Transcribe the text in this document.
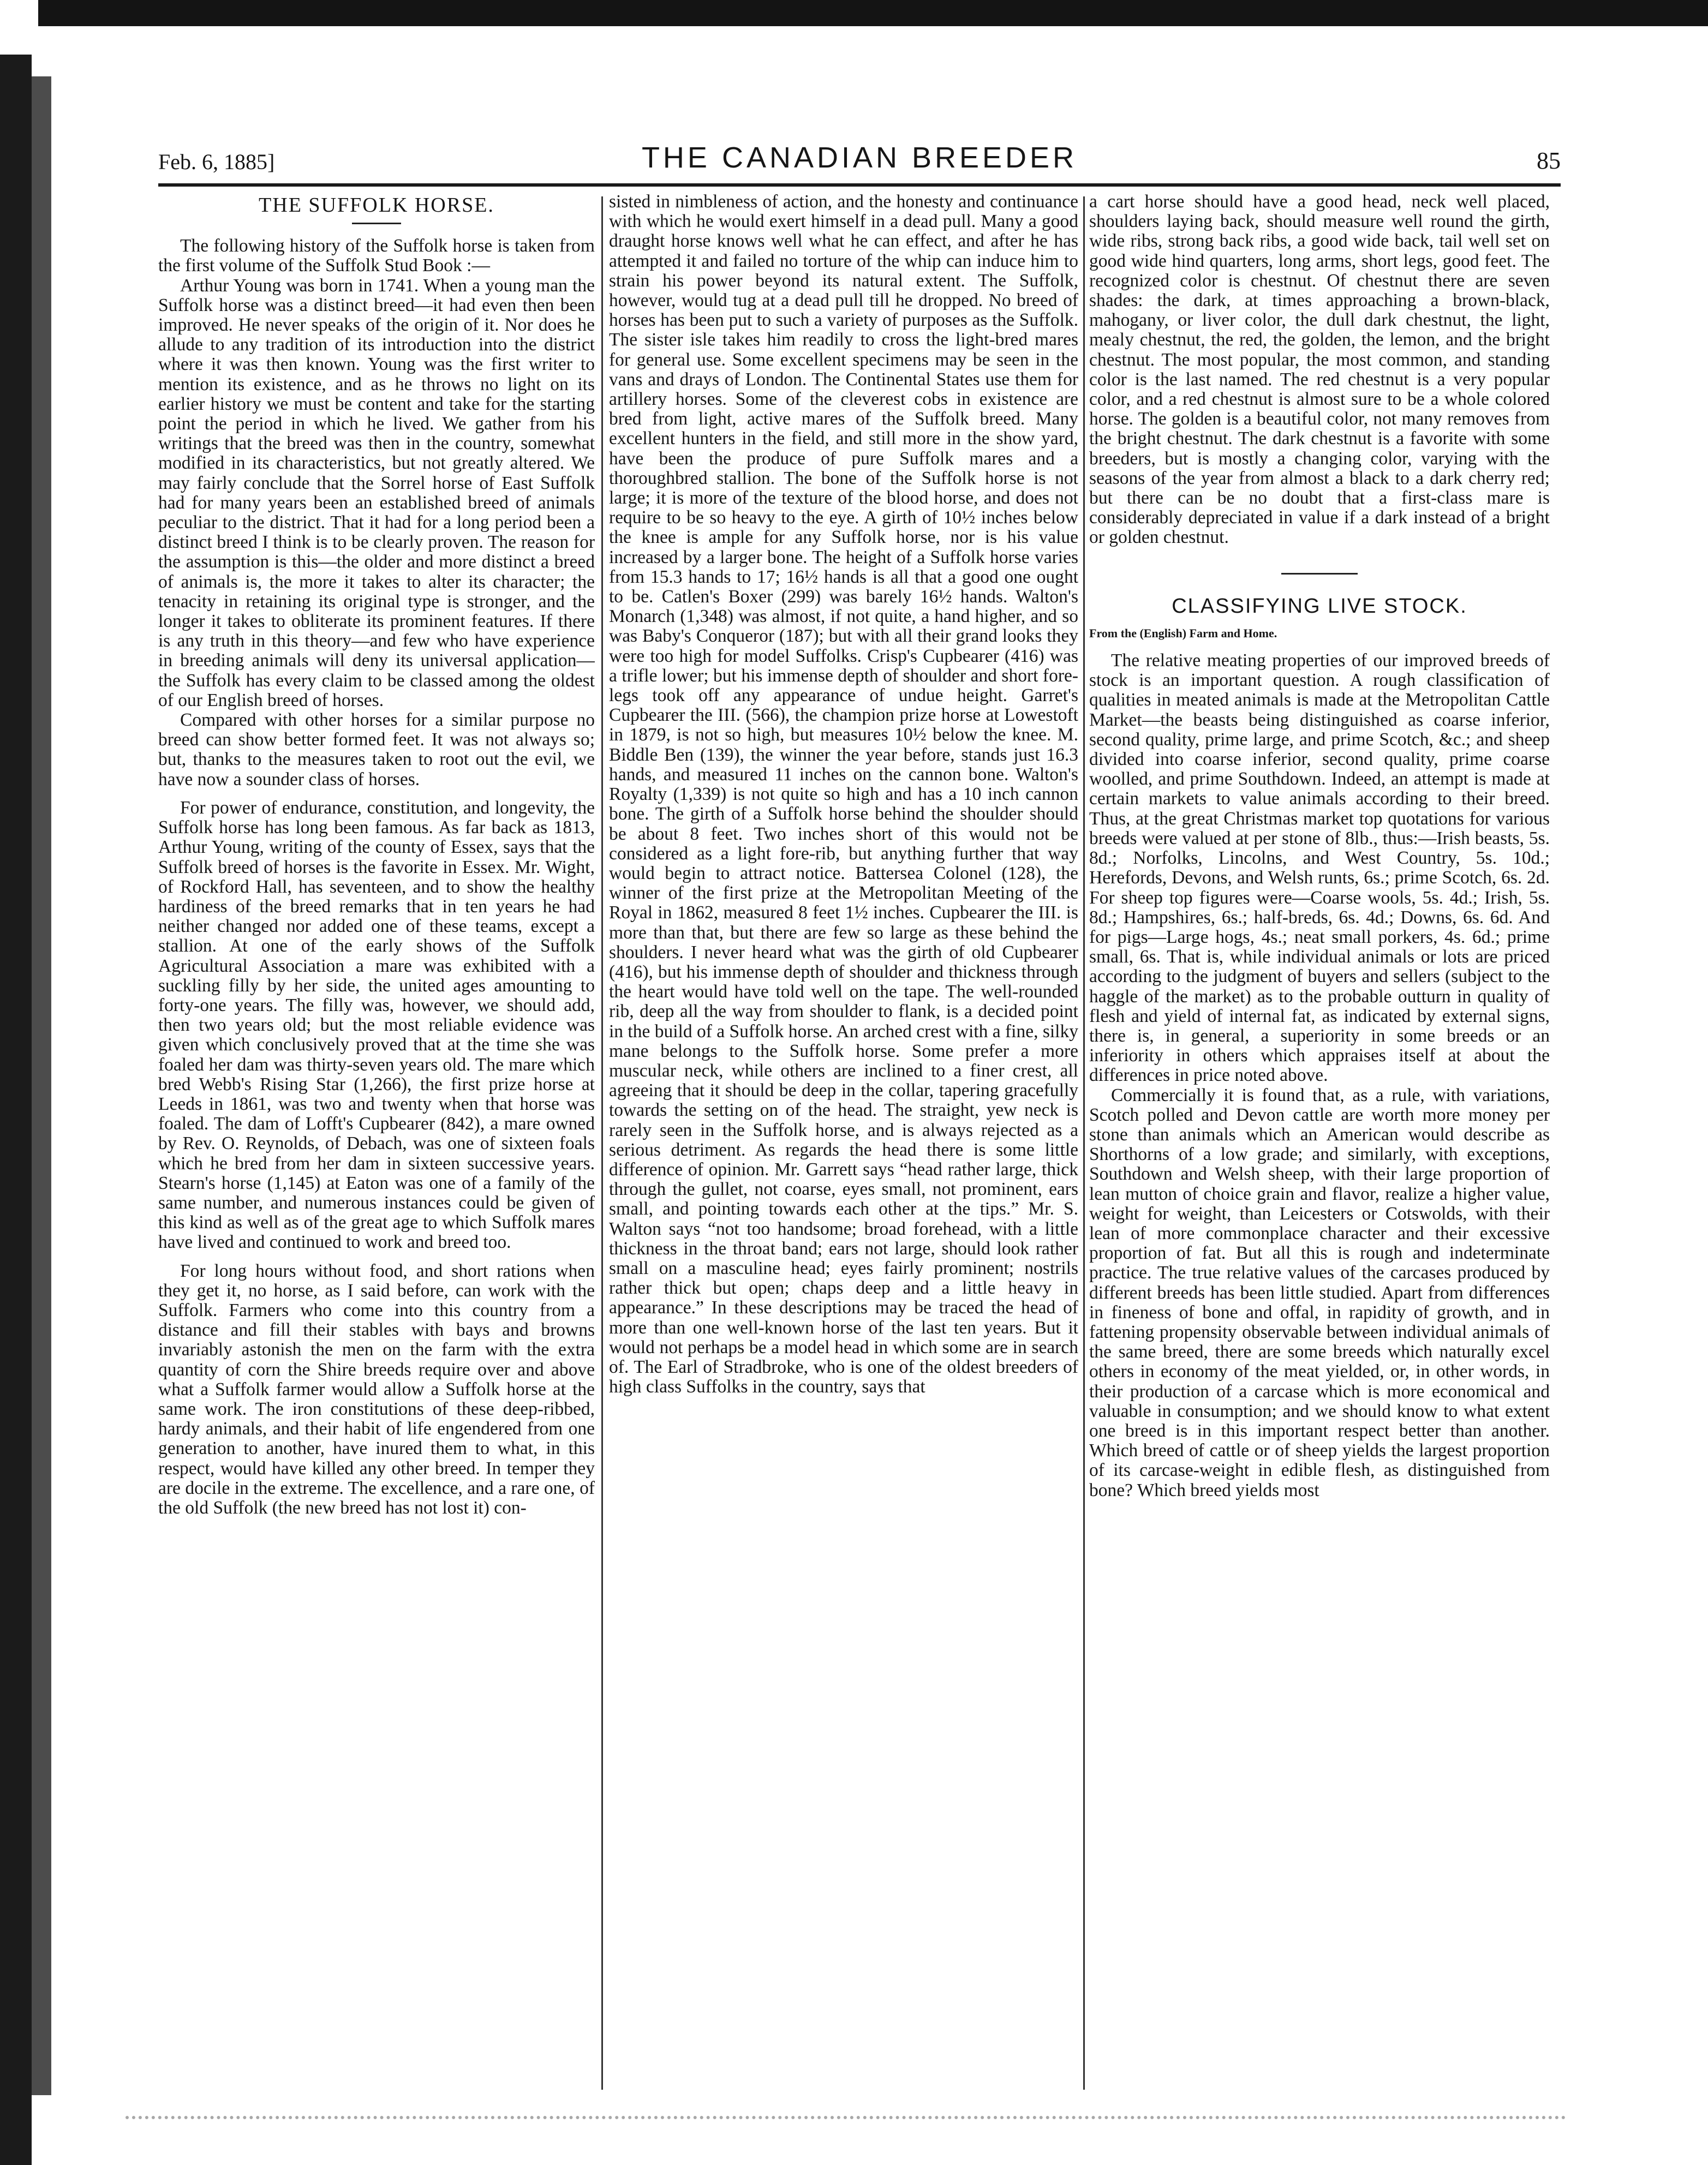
Feb. 6, 1885]	THE CANADIAN BREEDER	85

THE SUFFOLK HORSE.

The following history of the Suffolk horse is taken from the first volume of the Suffolk Stud Book :—

Arthur Young was born in 1741. When a young man the Suffolk horse was a distinct breed—it had even then been improved. He never speaks of the origin of it. Nor does he allude to any tradition of its introduction into the district where it was then known. Young was the first writer to mention its existence, and as he throws no light on its earlier history we must be content and take for the starting point the period in which he lived. We gather from his writings that the breed was then in the country, somewhat modified in its characteristics, but not greatly altered. We may fairly conclude that the Sorrel horse of East Suffolk had for many years been an established breed of animals peculiar to the district. That it had for a long period been a distinct breed I think is to be clearly proven. The reason for the assumption is this—the older and more distinct a breed of animals is, the more it takes to alter its character; the tenacity in retaining its original type is stronger, and the longer it takes to obliterate its prominent features. If there is any truth in this theory—and few who have experience in breeding animals will deny its universal application—the Suffolk has every claim to be classed among the oldest of our English breed of horses.

Compared with other horses for a similar purpose no breed can show better formed feet. It was not always so; but, thanks to the measures taken to root out the evil, we have now a sounder class of horses.

For power of endurance, constitution, and longevity, the Suffolk horse has long been famous. As far back as 1813, Arthur Young, writing of the county of Essex, says that the Suffolk breed of horses is the favorite in Essex. Mr. Wight, of Rockford Hall, has seventeen, and to show the healthy hardiness of the breed remarks that in ten years he had neither changed nor added one of these teams, except a stallion. At one of the early shows of the Suffolk Agricultural Association a mare was exhibited with a suckling filly by her side, the united ages amounting to forty-one years. The filly was, however, we should add, then two years old; but the most reliable evidence was given which conclusively proved that at the time she was foaled her dam was thirty-seven years old. The mare which bred Webb's Rising Star (1,266), the first prize horse at Leeds in 1861, was two and twenty when that horse was foaled. The dam of Lofft's Cupbearer (842), a mare owned by Rev. O. Reynolds, of Debach, was one of sixteen foals which he bred from her dam in sixteen successive years. Stearn's horse (1,145) at Eaton was one of a family of the same number, and numerous instances could be given of this kind as well as of the great age to which Suffolk mares have lived and continued to work and breed too.

For long hours without food, and short rations when they get it, no horse, as I said before, can work with the Suffolk. Farmers who come into this country from a distance and fill their stables with bays and browns invariably astonish the men on the farm with the extra quantity of corn the Shire breeds require over and above what a Suffolk farmer would allow a Suffolk horse at the same work. The iron constitutions of these deep-ribbed, hardy animals, and their habit of life engendered from one generation to another, have inured them to what, in this respect, would have killed any other breed. In temper they are docile in the extreme. The excellence, and a rare one, of the old Suffolk (the new breed has not lost it) con-

sisted in nimbleness of action, and the honesty and continuance with which he would exert himself in a dead pull. Many a good draught horse knows well what he can effect, and after he has attempted it and failed no torture of the whip can induce him to strain his power beyond its natural extent. The Suffolk, however, would tug at a dead pull till he dropped. No breed of horses has been put to such a variety of purposes as the Suffolk. The sister isle takes him readily to cross the light-bred mares for general use. Some excellent specimens may be seen in the vans and drays of London. The Continental States use them for artillery horses. Some of the cleverest cobs in existence are bred from light, active mares of the Suffolk breed. Many excellent hunters in the field, and still more in the show yard, have been the produce of pure Suffolk mares and a thoroughbred stallion. The bone of the Suffolk horse is not large; it is more of the texture of the blood horse, and does not require to be so heavy to the eye. A girth of 10½ inches below the knee is ample for any Suffolk horse, nor is his value increased by a larger bone. The height of a Suffolk horse varies from 15.3 hands to 17; 16½ hands is all that a good one ought to be. Catlen's Boxer (299) was barely 16½ hands. Walton's Monarch (1,348) was almost, if not quite, a hand higher, and so was Baby's Conqueror (187); but with all their grand looks they were too high for model Suffolks. Crisp's Cupbearer (416) was a trifle lower; but his immense depth of shoulder and short fore-legs took off any appearance of undue height. Garret's Cupbearer the III. (566), the champion prize horse at Lowestoft in 1879, is not so high, but measures 10½ below the knee. M. Biddle Ben (139), the winner the year before, stands just 16.3 hands, and measured 11 inches on the cannon bone. Walton's Royalty (1,339) is not quite so high and has a 10 inch cannon bone. The girth of a Suffolk horse behind the shoulder should be about 8 feet. Two inches short of this would not be considered as a light fore-rib, but anything further that way would begin to attract notice. Battersea Colonel (128), the winner of the first prize at the Metropolitan Meeting of the Royal in 1862, measured 8 feet 1½ inches. Cupbearer the III. is more than that, but there are few so large as these behind the shoulders. I never heard what was the girth of old Cupbearer (416), but his immense depth of shoulder and thickness through the heart would have told well on the tape. The well-rounded rib, deep all the way from shoulder to flank, is a decided point in the build of a Suffolk horse. An arched crest with a fine, silky mane belongs to the Suffolk horse. Some prefer a more muscular neck, while others are inclined to a finer crest, all agreeing that it should be deep in the collar, tapering gracefully towards the setting on of the head. The straight, yew neck is rarely seen in the Suffolk horse, and is always rejected as a serious detriment. As regards the head there is some little difference of opinion. Mr. Garrett says “head rather large, thick through the gullet, not coarse, eyes small, not prominent, ears small, and pointing towards each other at the tips.” Mr. S. Walton says “not too handsome; broad forehead, with a little thickness in the throat band; ears not large, should look rather small on a masculine head; eyes fairly prominent; nostrils rather thick but open; chaps deep and a little heavy in appearance.” In these descriptions may be traced the head of more than one well-known horse of the last ten years. But it would not perhaps be a model head in which some are in search of. The Earl of Stradbroke, who is one of the oldest breeders of high class Suffolks in the country, says that

a cart horse should have a good head, neck well placed, shoulders laying back, should measure well round the girth, wide ribs, strong back ribs, a good wide back, tail well set on good wide hind quarters, long arms, short legs, good feet. The recognized color is chestnut. Of chestnut there are seven shades: the dark, at times approaching a brown-black, mahogany, or liver color, the dull dark chestnut, the light, mealy chestnut, the red, the golden, the lemon, and the bright chestnut. The most popular, the most common, and standing color is the last named. The red chestnut is a very popular color, and a red chestnut is almost sure to be a whole colored horse. The golden is a beautiful color, not many removes from the bright chestnut. The dark chestnut is a favorite with some breeders, but is mostly a changing color, varying with the seasons of the year from almost a black to a dark cherry red; but there can be no doubt that a first-class mare is considerably depreciated in value if a dark instead of a bright or golden chestnut.

CLASSIFYING LIVE STOCK.

From the (English) Farm and Home.

The relative meating properties of our improved breeds of stock is an important question. A rough classification of qualities in meated animals is made at the Metropolitan Cattle Market—the beasts being distinguished as coarse inferior, second quality, prime large, and prime Scotch, &c.; and sheep divided into coarse inferior, second quality, prime coarse woolled, and prime Southdown. Indeed, an attempt is made at certain markets to value animals according to their breed. Thus, at the great Christmas market top quotations for various breeds were valued at per stone of 8lb., thus:—Irish beasts, 5s. 8d.; Norfolks, Lincolns, and West Country, 5s. 10d.; Herefords, Devons, and Welsh runts, 6s.; prime Scotch, 6s. 2d. For sheep top figures were—Coarse wools, 5s. 4d.; Irish, 5s. 8d.; Hampshires, 6s.; half-breds, 6s. 4d.; Downs, 6s. 6d. And for pigs—Large hogs, 4s.; neat small porkers, 4s. 6d.; prime small, 6s. That is, while individual animals or lots are priced according to the judgment of buyers and sellers (subject to the haggle of the market) as to the probable outturn in quality of flesh and yield of internal fat, as indicated by external signs, there is, in general, a superiority in some breeds or an inferiority in others which appraises itself at about the differences in price noted above.

Commercially it is found that, as a rule, with variations, Scotch polled and Devon cattle are worth more money per stone than animals which an American would describe as Shorthorns of a low grade; and similarly, with exceptions, Southdown and Welsh sheep, with their large proportion of lean mutton of choice grain and flavor, realize a higher value, weight for weight, than Leicesters or Cotswolds, with their lean of more commonplace character and their excessive proportion of fat. But all this is rough and indeterminate practice. The true relative values of the carcases produced by different breeds has been little studied. Apart from differences in fineness of bone and offal, in rapidity of growth, and in fattening propensity observable between individual animals of the same breed, there are some breeds which naturally excel others in economy of the meat yielded, or, in other words, in their production of a carcase which is more economical and valuable in consumption; and we should know to what extent one breed is in this important respect better than another. Which breed of cattle or of sheep yields the largest proportion of its carcase-weight in edible flesh, as distinguished from bone? Which breed yields most
